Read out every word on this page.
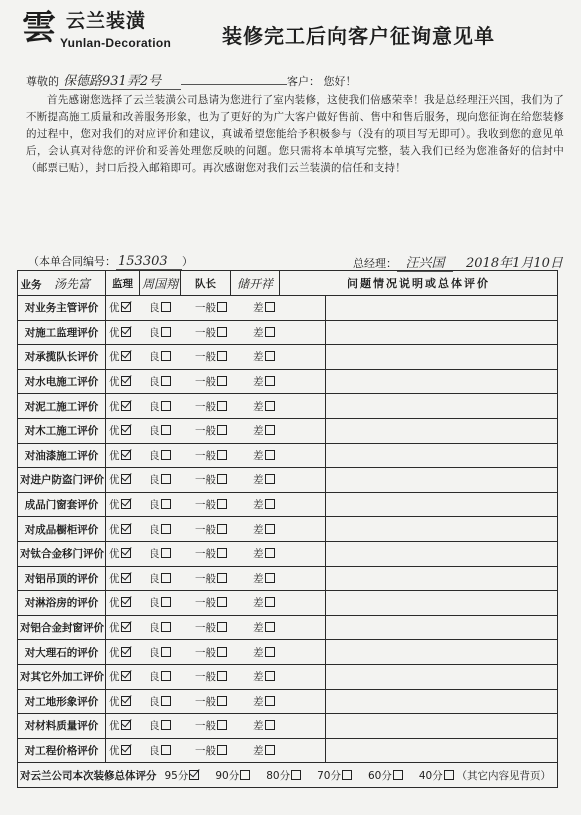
雲 云兰装潢
Yunlan-Decoration	装修完工后向客户征询意见单
尊敬的 保德路931弄2号	客户： 您好！
首先感谢您选择了云兰装潢公司恳请为您进行了室内装修，这使我们倍感荣幸！我是总经理汪兴国，我们为了不断提高施工质量和改善服务形象，也为了更好的为广大客户做好售前、售中和售后服务，现向您征询在给您装修的过程中，您对我们的对应评价和建议，真诚希望您能给予积极参与（没有的项目写无即可）。我收到您的意见单后，会认真对待您的评价和妥善处理您反映的问题。您只需将本单填写完整，装入我们已经为您准备好的信封中（邮票已贴），封口后投入邮箱即可。再次感谢您对我们云兰装潢的信任和支持！
（本单合同编号： 153303 ）	总经理： 汪兴国	2018年1月10日
业务 汤先富	监理	周国翔	队长	储开祥	问题情况说明或总体评价	
对业务主管评价	优 良 一般 差					
对施工监理评价	优 良 一般 差					
对承揽队长评价	优 良 一般 差					
对水电施工评价	优 良 一般 差					
对泥工施工评价	优 良 一般 差					
对木工施工评价	优 良 一般 差					
对油漆施工评价	优 良 一般 差					
对进户防盗门评价	优 良 一般 差					
成品门窗套评价	优 良 一般 差					
对成品橱柜评价	优 良 一般 差					
对钛合金移门评价	优 良 一般 差					
对铝吊顶的评价	优 良 一般 差					
对淋浴房的评价	优 良 一般 差					
对铝合金封窗评价	优 良 一般 差					
对大理石的评价	优 良 一般 差					
对其它外加工评价	优 良 一般 差					
对工地形象评价	优 良 一般 差					
对材料质量评价	优 良 一般 差					
对工程价格评价	优 良 一般 差					
对云兰公司本次装修总体评分 95分 90分 80分 70分 60分 40分 （其它内容见背页）						
